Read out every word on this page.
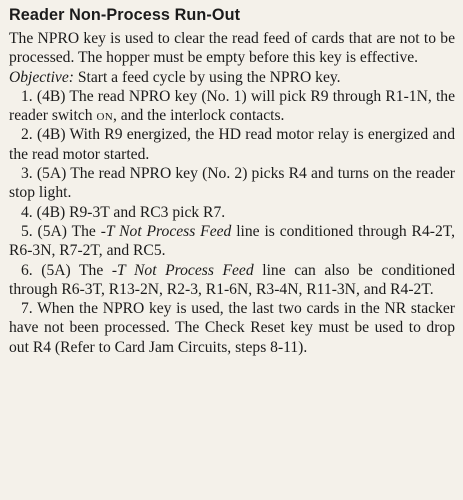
Reader Non-Process Run-Out

The NPRO key is used to clear the read feed of cards that are not to be processed. The hopper must be empty before this key is effective.

Objective: Start a feed cycle by using the NPRO key.

1. (4B) The read NPRO key (No. 1) will pick R9 through R1-1N, the reader switch on, and the interlock contacts.

2. (4B) With R9 energized, the HD read motor relay is energized and the read motor started.

3. (5A) The read NPRO key (No. 2) picks R4 and turns on the reader stop light.

4. (4B) R9-3T and RC3 pick R7.

5. (5A) The -T Not Process Feed line is conditioned through R4-2T, R6-3N, R7-2T, and RC5.

6. (5A) The -T Not Process Feed line can also be conditioned through R6-3T, R13-2N, R2-3, R1-6N, R3-4N, R11-3N, and R4-2T.

7. When the NPRO key is used, the last two cards in the NR stacker have not been processed. The Check Reset key must be used to drop out R4 (Refer to Card Jam Circuits, steps 8-11).
